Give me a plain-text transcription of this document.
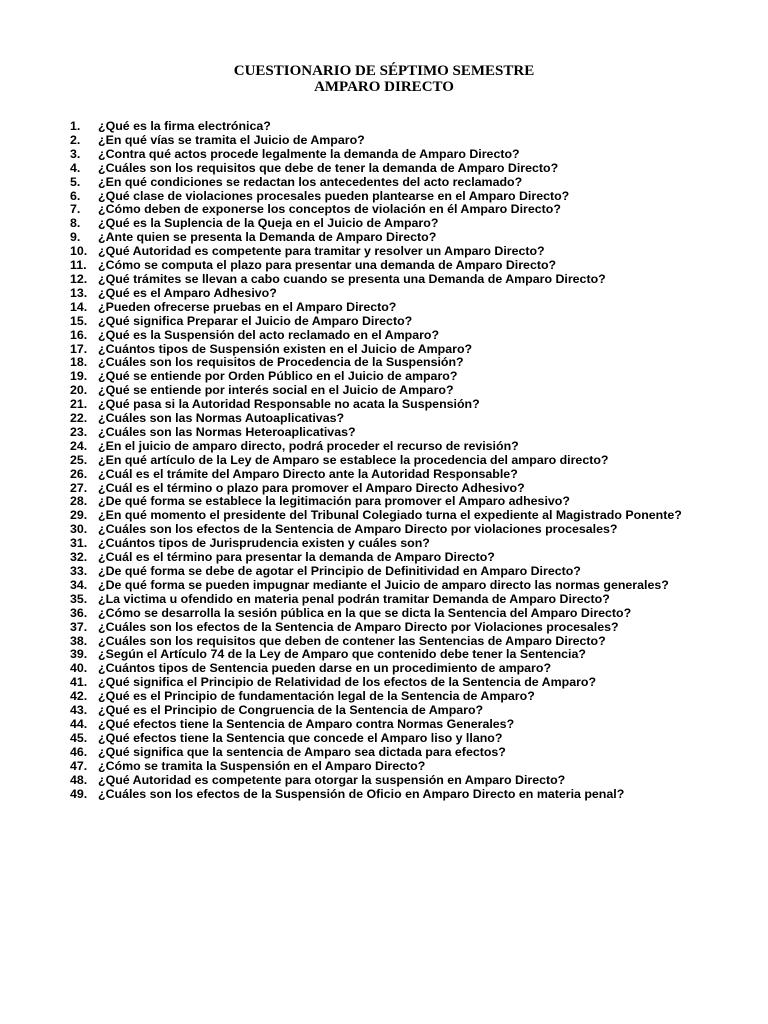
CUESTIONARIO DE SÉPTIMO SEMESTRE
AMPARO DIRECTO
1.	¿Qué es la firma electrónica?
2.	¿En qué vías se tramita el Juicio de Amparo?
3.	¿Contra qué actos procede legalmente la demanda de Amparo Directo?
4.	¿Cuáles son los requisitos que debe de tener la demanda de Amparo Directo?
5.	¿En qué condiciones se redactan los antecedentes del acto reclamado?
6.	¿Qué clase de violaciones procesales pueden plantearse en el Amparo Directo?
7.	¿Cómo deben de exponerse los conceptos de violación en él Amparo Directo?
8.	¿Qué es la Suplencia de la Queja en el Juicio de Amparo?
9.	¿Ante quien se presenta la Demanda de Amparo Directo?
10. ¿Qué Autoridad es competente para tramitar y resolver un Amparo Directo?
11. ¿Cómo se computa el plazo para presentar una demanda de Amparo Directo?
12. ¿Qué trámites se llevan a cabo cuando se presenta una Demanda de Amparo Directo?
13. ¿Qué es el Amparo Adhesivo?
14. ¿Pueden ofrecerse pruebas en el Amparo Directo?
15. ¿Qué significa Preparar el Juicio de Amparo Directo?
16. ¿Qué es la Suspensión del acto reclamado en el Amparo?
17. ¿Cuántos tipos de Suspensión existen en el Juicio de Amparo?
18. ¿Cuáles son los requisitos de Procedencia de la Suspensión?
19. ¿Qué se entiende por Orden Público en el Juicio de amparo?
20. ¿Qué se entiende por interés social en el Juicio de Amparo?
21. ¿Qué pasa si la Autoridad Responsable no acata la Suspensión?
22. ¿Cuáles son las Normas Autoaplicativas?
23. ¿Cuáles son las Normas Heteroaplicativas?
24. ¿En el juicio de amparo directo, podrá proceder el recurso de revisión?
25. ¿En qué artículo de la Ley de Amparo se establece la procedencia del amparo directo?
26. ¿Cuál es el trámite del Amparo Directo ante la Autoridad Responsable?
27. ¿Cuál es el término o plazo para promover el Amparo Directo Adhesivo?
28. ¿De qué forma se establece la legitimación para promover el Amparo adhesivo?
29. ¿En qué momento el presidente del Tribunal Colegiado turna el expediente al Magistrado Ponente?
30. ¿Cuáles son los efectos de la Sentencia de Amparo Directo por violaciones procesales?
31. ¿Cuántos tipos de Jurisprudencia existen y cuáles son?
32. ¿Cuál es el término para presentar la demanda de Amparo Directo?
33. ¿De qué forma se debe de agotar el Principio de Definitividad en Amparo Directo?
34. ¿De qué forma se pueden impugnar mediante el Juicio de amparo directo las normas generales?
35. ¿La victima u ofendido en materia penal podrán tramitar Demanda de Amparo Directo?
36. ¿Cómo se desarrolla la sesión pública en la que se dicta la Sentencia del Amparo Directo?
37. ¿Cuáles son los efectos de la Sentencia de Amparo Directo por Violaciones procesales?
38. ¿Cuáles son los requisitos que deben de contener las Sentencias de Amparo Directo?
39. ¿Según el Artículo 74 de la Ley de Amparo que contenido debe tener la Sentencia?
40. ¿Cuántos tipos de Sentencia pueden darse en un procedimiento de amparo?
41. ¿Qué significa el Principio de Relatividad de los efectos de la Sentencia de Amparo?
42. ¿Qué es el Principio de fundamentación legal de la Sentencia de Amparo?
43. ¿Qué es el Principio de Congruencia de la Sentencia de Amparo?
44. ¿Qué efectos tiene la Sentencia de Amparo contra Normas Generales?
45. ¿Qué efectos tiene la Sentencia que concede el Amparo liso y llano?
46. ¿Qué significa que la sentencia de Amparo sea dictada para efectos?
47. ¿Cómo se tramita la Suspensión en el Amparo Directo?
48. ¿Qué Autoridad es competente para otorgar la suspensión en Amparo Directo?
49. ¿Cuáles son los efectos de la Suspensión de Oficio en Amparo Directo en materia penal?
